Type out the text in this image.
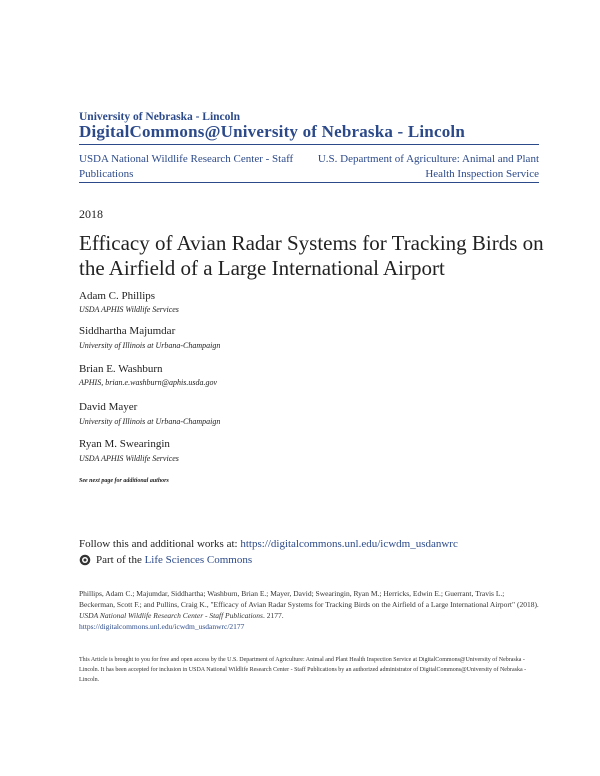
University of Nebraska - Lincoln
DigitalCommons@University of Nebraska - Lincoln
USDA National Wildlife Research Center - Staff Publications
U.S. Department of Agriculture: Animal and Plant Health Inspection Service
2018
Efficacy of Avian Radar Systems for Tracking Birds on the Airfield of a Large International Airport
Adam C. Phillips
USDA APHIS Wildlife Services
Siddhartha Majumdar
University of Illinois at Urbana-Champaign
Brian E. Washburn
APHIS, brian.e.washburn@aphis.usda.gov
David Mayer
University of Illinois at Urbana-Champaign
Ryan M. Swearingin
USDA APHIS Wildlife Services
See next page for additional authors
Follow this and additional works at: https://digitalcommons.unl.edu/icwdm_usdanwrc
Part of the Life Sciences Commons
Phillips, Adam C.; Majumdar, Siddhartha; Washburn, Brian E.; Mayer, David; Swearingin, Ryan M.; Herricks, Edwin E.; Guerrant, Travis L.; Beckerman, Scott F.; and Pullins, Craig K., "Efficacy of Avian Radar Systems for Tracking Birds on the Airfield of a Large International Airport" (2018). USDA National Wildlife Research Center - Staff Publications. 2177.
https://digitalcommons.unl.edu/icwdm_usdanwrc/2177
This Article is brought to you for free and open access by the U.S. Department of Agriculture: Animal and Plant Health Inspection Service at DigitalCommons@University of Nebraska - Lincoln. It has been accepted for inclusion in USDA National Wildlife Research Center - Staff Publications by an authorized administrator of DigitalCommons@University of Nebraska - Lincoln.
